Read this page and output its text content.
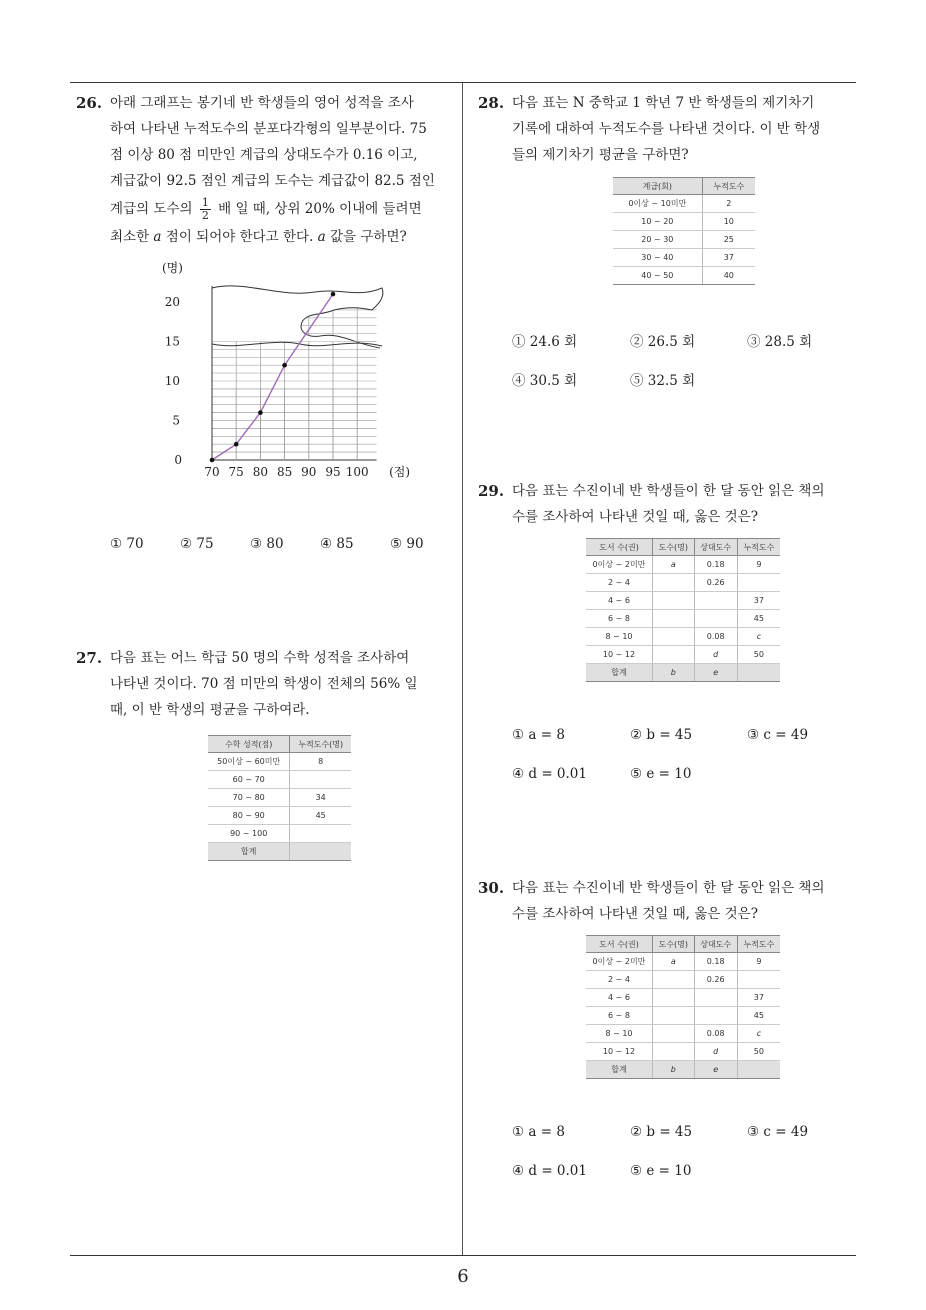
6
26. 아래 그래프는 봉기네 반 학생들의 영어 성적을 조사
하여 나타낸 누적도수의 분포다각형의 일부분이다. 75
점 이상 80 점 미만인 계급의 상대도수가 0.16 이고,
계급값이 92.5 점인 계급의 도수는 계급값이 82.5 점인
계급의 도수의 $\frac{1}{2}$ 배 일 때, 상위 20% 이내에 들려면
최소한 a 점이 되어야 한다고 한다. a 값을 구하면?
70 75 80 85 90 95 100
0
5
10
15
20
(명)
(점)
① 70	② 75	③ 80	④ 85	⑤ 90
27. 다음 표는 어느 학급 50 명의 수학 성적을 조사하여
나타낸 것이다. 70 점 미만의 학생이 전체의 56% 일
때, 이 반 학생의 평균을 구하여라.
수학 성적(점)	누적도수(명)
50이상 ~ 60미만	8
60 ~ 70	
70 ~ 80	34
80 ~ 90	45
90 ~ 100	
합계	
28. 다음 표는 N 중학교 1 학년 7 반 학생들의 제기차기
기록에 대하여 누적도수를 나타낸 것이다. 이 반 학생
들의 제기차기 평균을 구하면?
계급(회)	누적도수
0이상 ~ 10미만	2
10 ~ 20	10
20 ~ 30	25
30 ~ 40	37
40 ~ 50	40
① 24.6 회	② 26.5 회	③ 28.5 회
④ 30.5 회	⑤ 32.5 회
29. 다음 표는 수진이네 반 학생들이 한 달 동안 읽은 책의
수를 조사하여 나타낸 것일 때, 옳은 것은?
도서 수(권)	도수(명)	상대도수	누적도수
0이상 ~ 2미만	a	0.18	9
2 ~ 4		0.26	
4 ~ 6			37
6 ~ 8			45
8 ~ 10		0.08	c
10 ~ 12		d	50
합계	b	e	
① a = 8	② b = 45	③ c = 49
④ d = 0.01	⑤ e = 10
30. 다음 표는 수진이네 반 학생들이 한 달 동안 읽은 책의
수를 조사하여 나타낸 것일 때, 옳은 것은?
도서 수(권)	도수(명)	상대도수	누적도수
0이상 ~ 2미만	a	0.18	9
2 ~ 4		0.26	
4 ~ 6			37
6 ~ 8			45
8 ~ 10		0.08	c
10 ~ 12		d	50
합계	b	e	
① a = 8	② b = 45	③ c = 49
④ d = 0.01	⑤ e = 10
